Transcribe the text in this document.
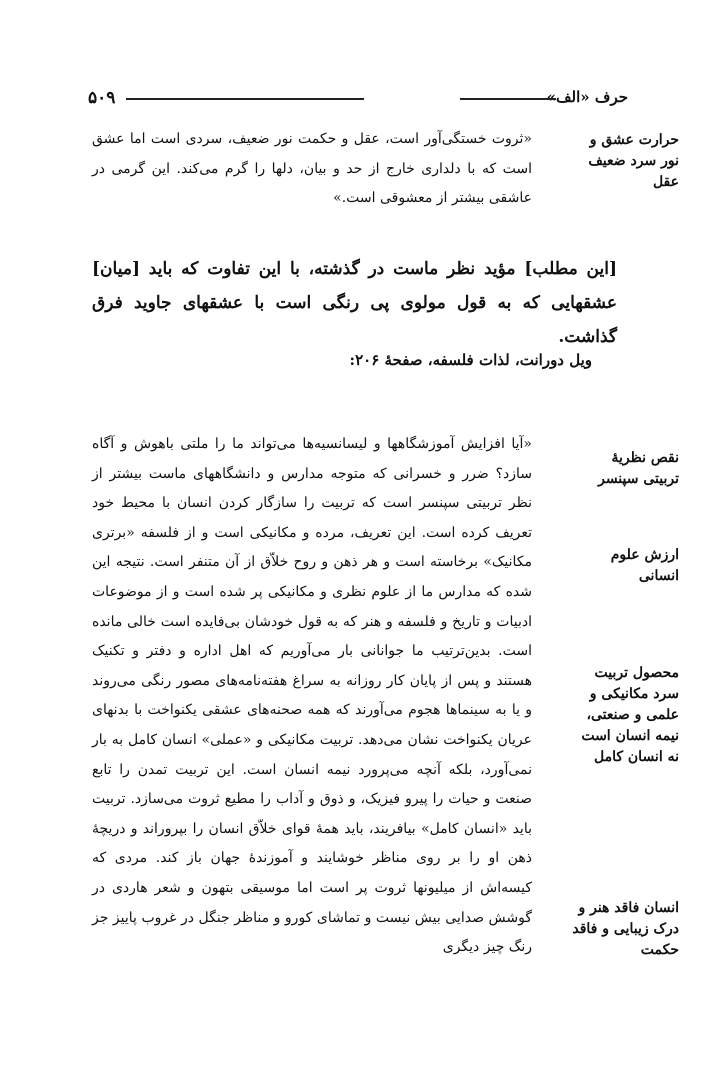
حرف «الف»
۵۰۹
حرارت عشق و نور سرد ضعیف عقل
«ثروت خستگی‌آور است، عقل و حکمت نور ضعیف، سردی است اما عشق است که با دلداری خارج از حد و بیان، دلها را گرم می‌کند. این گرمی در عاشقی بیشتر از معشوقی است.»
[این مطلب] مؤید نظر ماست در گذشته، با این تفاوت که باید [میان] عشقهایی که به قول مولوی پی رنگی است با عشقهای جاوید فرق گذاشت.
ویل دورانت، لذات فلسفه، صفحهٔ ۲۰۶:
نقص نظریهٔ تربیتی سپنسر
ارزش علوم انسانی
محصول تربیت سرد مکانیکی و علمی و صنعتی، نیمه انسان است نه انسان کامل
انسان فاقد هنر و درک زیبایی و فاقد حکمت
«آیا افزایش آموزشگاهها و لیسانسیه‌ها می‌تواند ما را ملتی باهوش و آگاه سازد؟ ضرر و خسرانی که متوجه مدارس و دانشگاههای ماست بیشتر از نظر تربیتی سپنسر است که تربیت را سازگار کردن انسان با محیط خود تعریف کرده است. این تعریف، مرده و مکانیکی است و از فلسفه «برتری مکانیک» برخاسته است و هر ذهن و روح خلاّق از آن متنفر است. نتیجه این شده که مدارس ما از علوم نظری و مکانیکی پر شده است و از موضوعات ادبیات و تاریخ و فلسفه و هنر که به قول خودشان بی‌فایده است خالی مانده است. بدین‌ترتیب ما جوانانی بار می‌آوریم که اهل اداره و دفتر و تکنیک هستند و پس از پایان کار روزانه به سراغ هفته‌نامه‌های مصور رنگی می‌روند و یا به سینماها هجوم می‌آورند که همه صحنه‌های عشقی یکنواخت با بدنهای عریان یکنواخت نشان می‌دهد. تربیت مکانیکی و «عملی» انسان کامل به بار نمی‌آورد، بلکه آنچه می‌پرورد نیمه انسان است. این تربیت تمدن را تابع صنعت و حیات را پیرو فیزیک، و ذوق و آداب را مطیع ثروت می‌سازد. تربیت باید «انسان کامل» بیافریند، باید همهٔ قوای خلاّق انسان را بپروراند و دریچهٔ ذهن او را بر روی مناظر خوشایند و آموزندهٔ جهان باز کند. مردی که کیسه‌اش از میلیونها ثروت پر است اما موسیقی بتهون و شعر هاردی در گوشش صدایی بیش نیست و تماشای کورو و مناظر جنگل در غروب پاییز جز رنگ چیز دیگری
